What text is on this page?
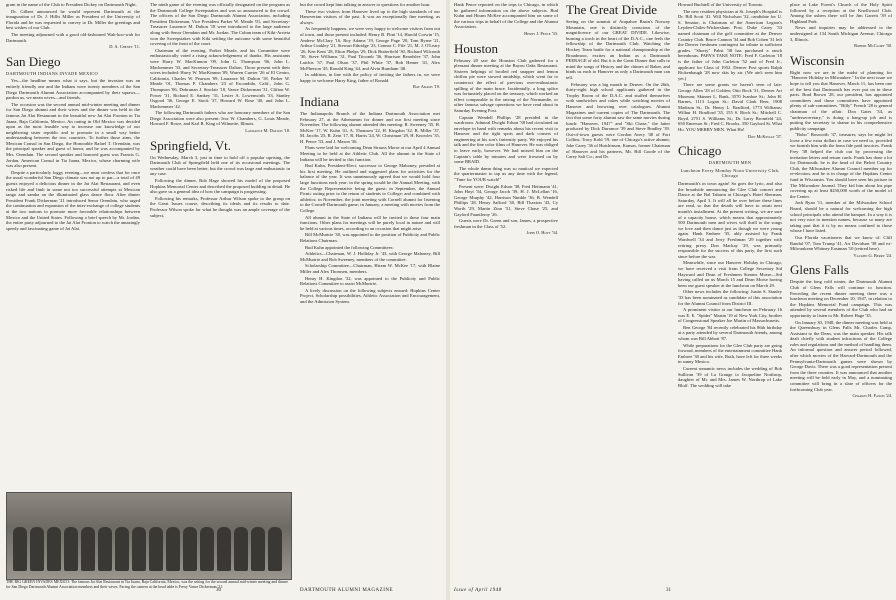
gram in the name of the Club to President Dickey on Dartmouth Night.

Dr. Gilbert announced he would represent Dartmouth at the inauguration of Dr. J. Hillis Miller as President of the University of Florida and he was requested to convey to Dr. Miller the greetings and best wishes of our Club.

The meeting adjourned with a good old-fashioned Wah-hoo-wah for Dartmouth.

D. A. Cheney '11.
San Diego
DARTMOUTH INDIANS INVADE MEXICO

Yes—the headline means what it says, but the invasion was an entirely friendly one and the Indians were twenty members of the San Diego Dartmouth Alumni Association accompanied by their squaws—pardon us, we mean wives—and friends.

The occasion was the second annual mid-winter meeting and dinner for San Diego alumni and their wives and the dinner was held in the famous Jai Alai Restaurant in the beautiful new Jai Alai Fronton in Tia Juana, Baja California, Mexico. An outing in Old Mexico was decided upon as the most feasible way to increase our knowledge of our neighboring sister republic and to promote in a small way better understanding between the two countries. To further those aims, the Mexican Consul in San Diego, the Honorable Rafael T. Orendain, was the principal speaker and guest of honor, and he was accompanied by Mrs. Orendain. The second speaker and honored guest was Francis G. Jordan, American Consul in Tia Juana, Mexico, whose charming wife was also present.

Despite a particularly foggy evening—we must confess that for once the usual wonderful San Diego climate was not up to par—a total of 49 guests enjoyed a delicious dinner in the Jai Alai Restaurant, and even risked life and limb in some not too successful attempts at Mexican tango and samba on the illuminated glass dance floor. After dinner President Frank Dickerman '21 introduced Senor Orendain, who urged the continuation and expansion of the inter-exchange of college students at the two nations to promote more favorable relationships between Mexico and the United States. Following a brief speech by Mr. Jordan, the entire party adjourned to the Jai Alai Fronton to watch the amazingly speedy and fascinating game of Jai Alai.

The ninth game of the evening was officially designated on the program as the Dartmouth College Sweepstakes and was so announced to the crowd. The officers of the San Diego Dartmouth Alumni Association, including President Dickerman, Vice President Parker W. Meade '01, and Secretary-Treasurer Laurence M. Dalton '18 were introduced to the large audience along with Senor Orendain and Mr. Jordan. The Cuban team of Kiki-Arrieta won the Sweepstakes with Kiki settling the outcome with some beautiful covering of the front of the court.

Chairman of the evening, Parker Meade, and his Committee were enthusiastically voted a rising acknowledgement of thanks. His assistants were Harry W. MacKinnon '09, John G. Thompson '06, John L. Machemmer '33, and Secretary-Treasurer Dalton. Those present with their wives included: Harry W. MacKinnon '09, Warren Currier '26 of El Centro, California, Charles W. Pearson '09, Laurance M. Dalton '18, Parker W. Meade '01, Thomas P. Chambers '23 of Escondido, Calif., John G. Thompson '06, Dobrunan J. Sinclair '18, Vance Dickerman '31, Clifton W. Power '31, Richard E. Sankey '31, Lester A. Lowenwirth '33, Stanley Osgood '36, George E. Stock '37, Howard W. Rose '40, and John L. Machemmer '42.

The following Dartmouth fathers who are honorary members of the San Diego Association were also present: Ivor W. Chambers, G. Louis Meade, Howard F. Rowe, and Karl B. King of Wilmette, Illinois.

Laurance M. Dalton '18.
Springfield, Vt.

On Wednesday, March 3, just in time to hold off a popular uprising, the Dartmouth Club of Springfield held one of its occasional meetings. The weather could have been better, but the crowd was large and enthusiastic in any case.

Following the dinner, Bob Hage showed his model of the proposed Hopkins Memorial Center and described the proposed building in detail. He also gave us a general idea of how the campaign is progressing.

Following his remarks, Professor Arthur Wilson spoke to the group on the Great Issues course, describing its ideals and its results to date. Professor Wilson spoke for what he thought was an ample coverage of the subject,

but the crowd kept him talking in answer to questions for another hour.

These two visitors from Hanover lived up to the high standards of our Hanoverian visitors of the past. It was an exceptionally fine meeting, as always.

As frequently happens, we were very happy to welcome visitors from out of town, and those present included: Henry B. Flint '14, Harold Corwin '15, Andrew McClary '16, Roy Adams '19, George Page '20, Tom Byrne '21, Arthur Coakley '21, Stewart Ethridge '23, Connor C. Fife '21, M. J. O'Leary '26, Ken Kent '28, Elton Phelps '29, Dick Butterfield '30, Richard Wilcomb '30, Steve Williams '31, Paul Titcomb '36, Harrison Beardslee '37, John Latchis '37, Paul Olson '37, Phil White '37, Bob Hemer '41, Alex McPherson '45, Ronald King '44, and Alvin Burnham '48.

In addition, in line with the policy of inviting the fathers in, we were happy to welcome Harry King, father of Ronald.

Ray Adams '19.
Indiana

The Indianapolis Branch of the Indiana Dartmouth Association met February 27, at the Athenaeum for dinner and our first meeting since November. The following alumni attended this meeting: R. Sweeney '35, H. McKee '17, W. Kuhn '41, A. Thomsen '22, H. Kingdon '32, B. Miller '37, M. Jacobs '25, R. Zein '17, R. Harris '24, W. Christman '29, H. Knowles '35, H. Pence '33, and J. Mason '36.

Plans were laid for welcoming Dean Strauss Morse at our April 4 Annual Meeting to be held at the Athletic Club. All the alumni in the State of Indiana will be invited to this function.

Bud Kuhn, President-Elect, successor to George Mahoney, presided at his first meeting. He outlined and suggested plans for activities for the balance of the year. It was unanimously agreed that we would hold four large functions each year: in the spring would be the Annual Meeting, with the College Representative being the guest; in September, the Annual Picnic outing prior to the return of students to College; and combined with athletics; in November, the joint meeting with Cornell alumni for listening to the Cornell-Dartmouth game; in January, a meeting with movies from the College.

All alumni in the State of Indiana will be invited to these four main functions. Other plans for meetings will be purely local in nature and will be held at various times, according to an occasion that might arise.

Bill McMurtrie '38, was appointed to the position of Publicity and Public Relations Chairman.

Bud Kuhn appointed the following Committees:

Athletics—Chairman, W. J. Holliday Jr. '43, with George Mahoney, Bill McMurtrie and Bob Sweeney, members of the committee.

Scholarship Committee—Chairman, Hiram W. McKee '17, with Blaine Miller and Alex Thomsen, members.

Henry H. Kingdon '32, was appointed to the Publicity and Public Relations Committee to assist McMurtrie.

A lively discussion on the following subjects ensued: Hopkins Center Project, Scholarship possibilities, Athletic Association and Encouragement, and the Admission System.

THE BIG GREEN INVADES MEXICO: The famous Jai Alai Restaurant in Tia Juana, Baja California, Mexico, was the setting for the second annual mid-winter meeting and dinner for San Diego Dartmouth Alumni Association members and their wives. Facing the camera at the head table is Frexy Vance Dickerman '21.
30	DARTMOUTH ALUMNI MAGAZINE

Hank Pence reported on the trips to Chicago, in which he gathered information on the above subjects. Bud Kuhn and Hiram McKee accompanied him on some of the various trips in behalf of the College and the Alumni Association.

Henry J. Pence '33.
Houston

February 20 saw the Houston Club gathered for a pleasant dinner meeting at the Bayou Oaks Restaurant. Sixteen helpings of broiled red snapper and lemon chiffon pie were stowed amidship, which went far to counteract the effect of previous over-enthusiastic spilling of the main brace. Incidentally, a long splice was fortunately placed on the treasury, which worked an effect comparable to the raising of the Normandie, or other famous salvage operations we have read about in Saturday Evening Post.

Captain Wendell Phillips '28 presided in the wardroom. Admiral Dwight Edson '38 had circulated an envelope in hand with remarks about his recent visit to Hanover and the tight spots and dark corners of engineering at his son's fraternity party. We enjoyed his talk and the fine color films of Hanover. He was obliged to leave early, however. We had missed him on the Captain's table by minutes and were frowned on by some BRAID.

The whole damn thing was so nautical we expected the quartermaster to tap us any time with the legend, "Time for YOUR watch!"

Present were: Dwight Edson '38, Fred Heitmann '41, John Hoyt '34, George Jacob '39, H. J. McLellan '16, George Murphy '42, Harrison Nimble '36, B. Wendell Phillips '28, Henry Safford '30, Bill Thaxton '43, Cy Worth '29, Martin Zinn '31, Steve Chase '25, and Gaylord Fauntleroy '26.

Guests were Dr. Green and son, James, a prospective freshman in the Class of '52.

John O. Hoyt '34.
The Great Divide

Seeing on the summit of Arapahoe Basin's Norway Mountain, one is distinctly conscious of the magnificence of our GREAT DIVIDE. Likewise, burning a torch in the heart of the D.A.C., one feels the fellowship of the Dartmouth Club. Watching the Hockey Team battle for a national championship at the Broadmoor, excites an Indian as a Dartmouth PEERAGE of old. But it is the Great Dinner that calls to mind the songs of History and the chimes of Baker, and binds us each to Hanover as only a Dartmouth man can tell.

February was a big month in Denver. On the 26th, thirty-eight high school applicants gathered in the Trophy Room of the D.A.C. and stuffed themselves with sandwiches and cokes while watching movies of Hanover and browsing over catalogues, Alumni Magazines and current copies of The Dartmouth. The fact that some forty alumni saw the same movies during lunch: "Hanover, 1947" and "Ski Chase," the latter produced by Dick Durrance '39 and Steve Bradley '39. Out-of-town guests were Gordon Avery '48 of Fort Collins; Tracy Kohl '19, one of Chicago's active alumni; Jake Carey '36 of Hutchinson, Kansas, former Chairman of Hanover and his partners, Mr. Bill Goode of the Carey Salt Co.; and Dr.

Howard Buchtell of the University of Toronto.

The new resident physician at St. Joseph's Hospital is Dr. Bill Scott '41. Will Nicholson '32, candidate for U. S. Senator, is Chairman of the American Legion's Leyden-Chiles-Wickersham Post. Duke Carey '33 named chairman of the golf committee at the Denver Country Club. Bruce Cannon '34 and Bob Cohen '31 left the Denver freshmen contingent for tribute to sufficient grades. "Shorty" Pabst '38 has purchased a ranch hereabouts. PAPA'S TAKE NOTE: Fred F. Carleton '18 is the father of John Carleton '52 and of Fred Jr., applicant for Class of 1952. Denver Post sports Ralph Rickenbaugh '28 now skis by air. (We ain't seen him yet.)

There are some grants we haven't seen of late: George Allen '28 of Golden; Otto Bock '31, Denver Art Museum; Skinner L. Bank, 3570 Ivanhoe St.; John H. Barnes, 1113 Logan St.; David Clark Beer, 1908 Madison St.; Dr. Henry L. Bradford, 1773 Williams; Wilbur H. Bradford '35, 155 S. Birch St.; Mitchell C. Boyd, 2751 S. Williams St.; Dr. Larry Bromfeld '24, 650 Emerson St.; Fred C. Brooks, 350 Gaylord St. What Ho. YOU MERRY MEN. What Ho!

Don McKinlay '37.
Chicago
DARTMOUTH MEN
Luncheon Every Monday Noon University Club, Chicago

Dartmouth's in town again! So goes the lyric, and also the broadside announcing the Glee Club concert and Dance at the Bal Tabarin at Chicago's Hotel Sherman, Saturday, April 3. It will all be over before these lines are read, so that the details will have to await next month's installment. At the present writing, we are sure of a capacity house, which means that approximately 500 Dartmouth men and wives will thrill to the songs we love and then dance just as though we were young again. Hank Embree '35, ably assisted by Frank Wardwell '34 and Jerry Freshman '29 together with retiring prexy Don Mackay '29, was primarily responsible for the success of this party, the first such since before the war.

Meanwhile, since our Hanover Holiday in Chicago, we have received a visit from College Secretary Sid Hayward and Dean of Freshmen Stearns Morse—Sid having called on us March 15 and Dean Morse having been our guest speaker at the luncheon on March 29.

Other news includes the following: Justin S. Stanley '33 has been nominated as candidate of this association for the Alumni Council from District III.

A prominent visitor at our luncheon on February 16 was E. E. "Spider" Martin '19 of New York City, brother of Congressional Speaker Joe Martin of Massachusetts.

Ben George '84 recently celebrated his 86th birthday at a party attended by several Dartmouth friends, among whom was Bill Abbott '87.

While preparations for the Glee Club party are going forward, members of the entertainment committee Hank Embree '30 and his wife, Ruth, have left for three weeks in sunny Mexico.

Current romantic news includes the wedding of Bob Sullivan '39 of La Grange to Jacqueline Northrop, daughter of Mr. and Mrs. James W. Northrop of Lake Bluff. The wedding will take

place at Lake Forest's Church of the Holy Spirit followed by a reception at the Knollwood Club. Among the ushers there will be Jim Garrett '39 of Highland Park.

News and inquiries may be addressed to the undersigned at 134 South Michigan Avenue, Chicago 3, Illinois.

Robert McClory '30.
Wisconsin

Right now we are in the midst of planning for "Hanover Holiday in Milwaukee." In the next issue we hope to tell you that Hanover, March 11, has been one of the best that Dartmouth has ever put on in these parts. Brad Brown '28, our president, has appointed committees and those committees have appointed plenty of sub-committees. "Billy" French '28 is general chairman of the affair. Don Gates '34, as "underseceretary," is doing a bang-up job and is putting the secretary to shame in his comprehensive publicity campaign.

"Bobo" Bosworth '37, treasurer, says he might let loose a few extra dollars in case we need to, provided we furnish him with the bona fide paid invoices. Frank Frey '38 helped the club out by processing the invitation letters and return cards. Frank has done a lot for Dartmouth; he is the head of the Beloit Country Club, the Milwaukee Alumni Council member up for re-election, and he is in charge of the Hopkins Center fund in Wisconsin. You should have seen his picture in The Milwaukee Journal. They kid him about his pipe covering up at least $250,000 worth of the model of the Center.

Jack Ryan '11, member of the Milwaukee School Board, should be a natural for welcoming the high school principals who attend the banquet. In a way it is not very nice to mention names, because so many are taking part that it is by no means confined to those whose I have listed.

Our Florida vacationers that we know of: Cliff Randal '07, Tom Trump '41, Art Davidson '38 and ex-Milwaukean Whitney Eastman '10 (retired here).

Vaughn G. Berry '24.
Glens Falls

Despite the long cold winter, the Dartmouth Alumni Club of Glens Falls will continue to function. Preceding the recent dinner meeting there was a luncheon meeting on December 10, 1947, in relation to the Hopkins Memorial Fund campaign. This was attended by several members of the Club who had an opportunity to listen to Mr. Robert Hage '35.

On January 30, 1948, the dinner meeting was held at the Queensbury in Glens Falls Mr. Charles Camp, Assistant to the Dean, was the main speaker. His talk dealt chiefly with student infractions of the College rules and regulations and the method of handling them. An informal question and answer period followed, after which movies of the Harvard-Dartmouth and the Pennsylvania-Dartmouth games were shown by George Davis. There was a good representation present from the three counties. It was announced that another meeting will be held early in May, and a nominating committee will bring in a slate of officers for the forthcoming Club year.

Charles H. Faxon '24.
Issue of April 1948	31
